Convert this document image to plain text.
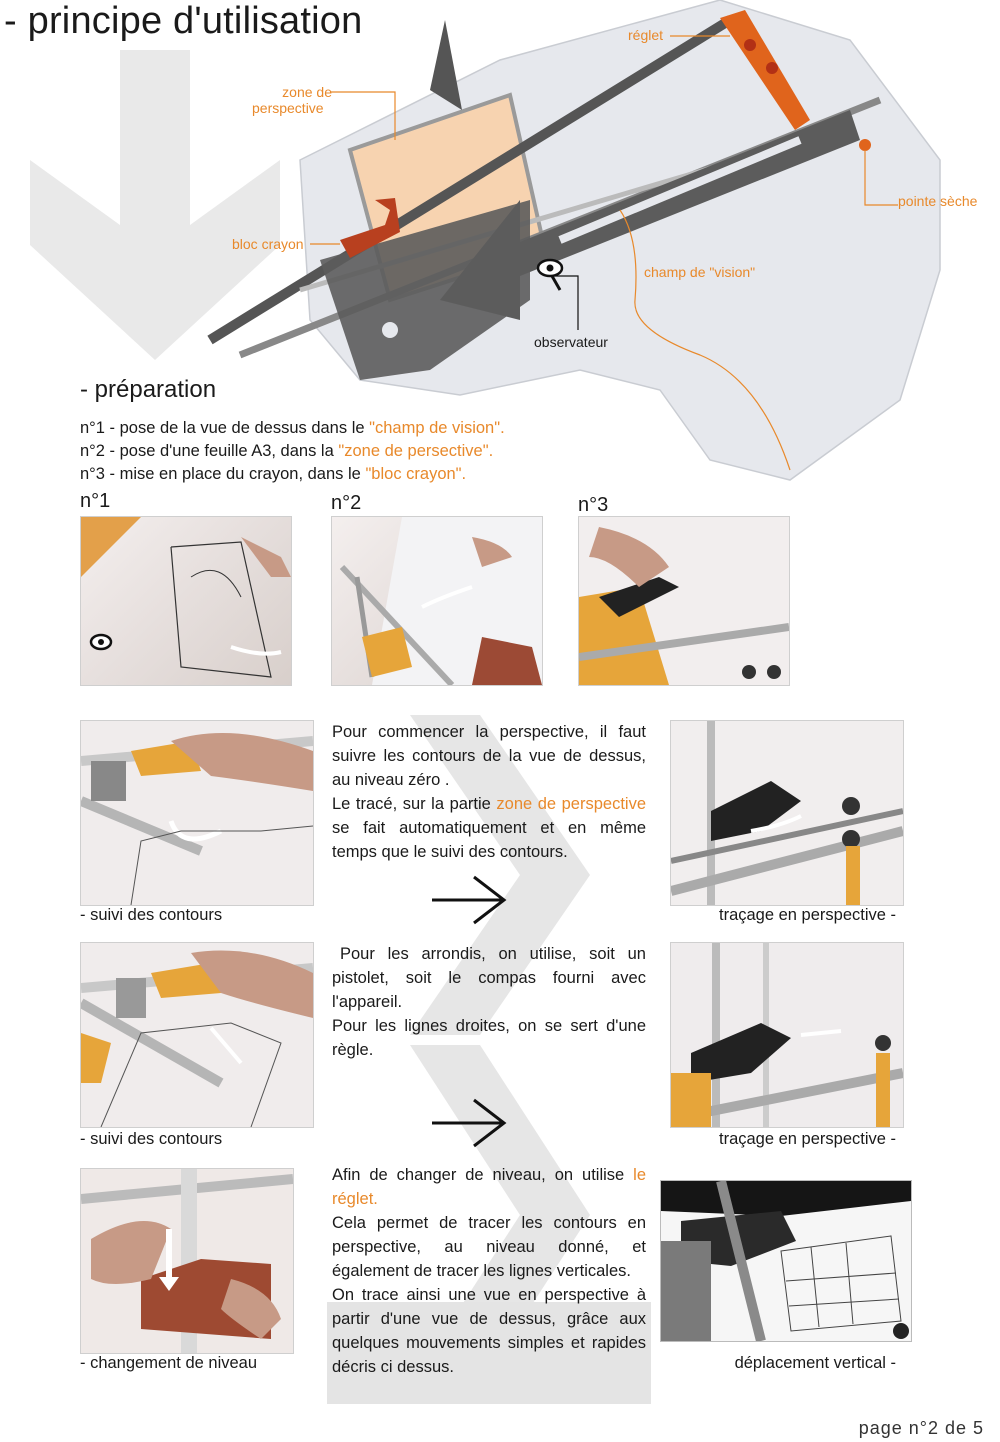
- principe d'utilisation	réglet
zone de
perspective
bloc crayon
pointe sèche
champ de "vision"
observateur
- préparation
n°1 - pose de la vue de dessus dans le "champ de vision".
n°2 - pose d'une feuille A3, dans la "zone de persective".
n°3 - mise en place du crayon, dans le "bloc crayon".
n°1	n°2	n°3
- suivi des contours
Pour commencer la perspective, il faut suivre les contours de la vue de dessus, au niveau zéro .
Le tracé, sur la partie zone de perspective se fait automatiquement et en même temps que le suivi des contours.
traçage en perspective -
- suivi des contours
Pour les arrondis, on utilise, soit un pistolet, soit le compas fourni avec l'appareil.
Pour les lignes droites, on se sert d'une règle.
traçage en perspective -
- changement de niveau
Afin de changer de niveau, on utilise le réglet.
Cela permet de tracer les contours en perspective, au niveau donné, et également de tracer les lignes verticales.
On trace ainsi une vue en perspective à partir d'une vue de dessus, grâce aux quelques mouvements simples et rapides décris ci dessus.	déplacement vertical -
page n°2 de 5
